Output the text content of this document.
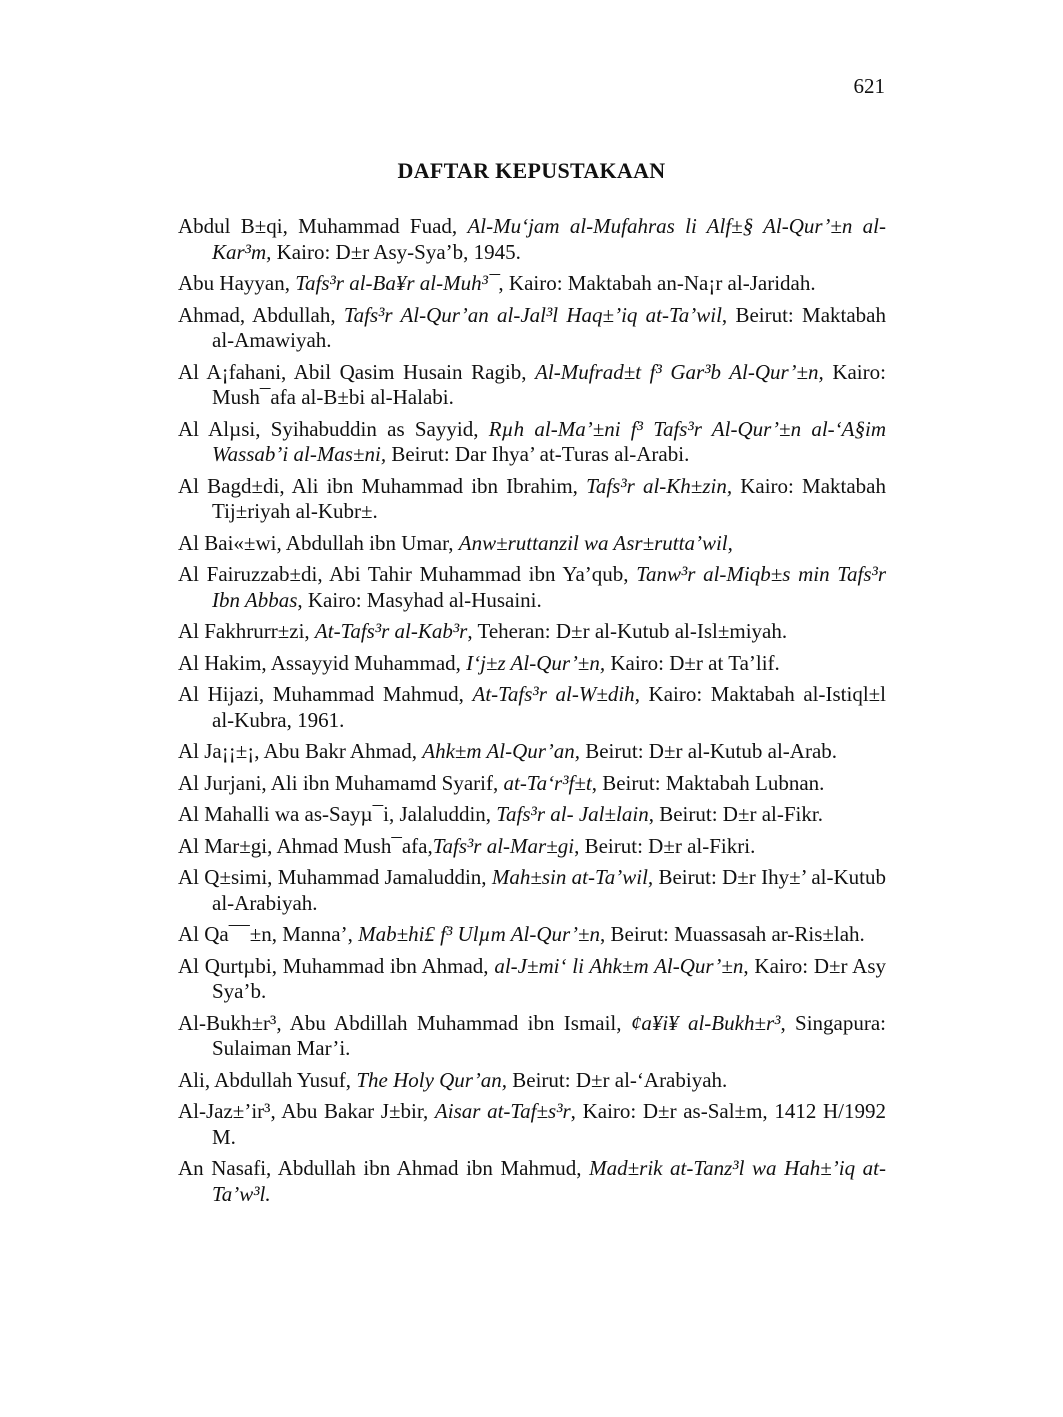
621
DAFTAR KEPUSTAKAAN

Abdul B±qi, Muhammad Fuad, Al-Mu‘jam al-Mufahras li Alf±§ Al-Qur’±n al-Kar³m, Kairo: D±r Asy-Sya’b, 1945.

Abu Hayyan, Tafs³r al-Ba¥r al-Muh³¯, Kairo: Maktabah an-Na¡r al-Jaridah.

Ahmad, Abdullah, Tafs³r Al-Qur’an al-Jal³l Haq±’iq at-Ta’wil, Beirut: Maktabah al-Amawiyah.

Al A¡fahani, Abil Qasim Husain Ragib, Al-Mufrad±t f³ Gar³b Al-Qur’±n, Kairo: Mush¯afa al-B±bi al-Halabi.

Al Alµsi, Syihabuddin as Sayyid, Rµh al-Ma’±ni f³ Tafs³r Al-Qur’±n al-‘A§im Wassab’i al-Mas±ni, Beirut: Dar Ihya’ at-Turas al-Arabi.

Al Bagd±di, Ali ibn Muhammad ibn Ibrahim, Tafs³r al-Kh±zin, Kairo: Maktabah Tij±riyah al-Kubr±.

Al Bai«±wi, Abdullah ibn Umar, Anw±ruttanzil wa Asr±rutta’wil,

Al Fairuzzab±di, Abi Tahir Muhammad ibn Ya’qub, Tanw³r al-Miqb±s min Tafs³r Ibn Abbas, Kairo: Masyhad al-Husaini.

Al Fakhrurr±zi, At-Tafs³r al-Kab³r, Teheran: D±r al-Kutub al-Isl±miyah.

Al Hakim, Assayyid Muhammad, I‘j±z Al-Qur’±n, Kairo: D±r at Ta’lif.

Al Hijazi, Muhammad Mahmud, At-Tafs³r al-W±dih, Kairo: Maktabah al-Istiql±l al-Kubra, 1961.

Al Ja¡¡±¡, Abu Bakr Ahmad, Ahk±m Al-Qur’an, Beirut: D±r al-Kutub al-Arab.

Al Jurjani, Ali ibn Muhamamd Syarif, at-Ta‘r³f±t, Beirut: Maktabah Lubnan.

Al Mahalli wa as-Sayµ¯i, Jalaluddin, Tafs³r al- Jal±lain, Beirut: D±r al-Fikr.

Al Mar±gi, Ahmad Mush¯afa,Tafs³r al-Mar±gi, Beirut: D±r al-Fikri.

Al Q±simi, Muhammad Jamaluddin, Mah±sin at-Ta’wil, Beirut: D±r Ihy±’ al-Kutub al-Arabiyah.

Al Qa¯¯±n, Manna’, Mab±hi£ f³ Ulµm Al-Qur’±n, Beirut: Muassasah ar-Ris±lah.

Al Qurtµbi, Muhammad ibn Ahmad, al-J±mi‘ li Ahk±m Al-Qur’±n, Kairo: D±r Asy Sya’b.

Al-Bukh±r³, Abu Abdillah Muhammad ibn Ismail, ¢a¥i¥ al-Bukh±r³, Singapura: Sulaiman Mar’i.

Ali, Abdullah Yusuf, The Holy Qur’an, Beirut: D±r al-‘Arabiyah.

Al-Jaz±’ir³, Abu Bakar J±bir, Aisar at-Taf±s³r, Kairo: D±r as-Sal±m, 1412 H/1992 M.

An Nasafi, Abdullah ibn Ahmad ibn Mahmud, Mad±rik at-Tanz³l wa Hah±’iq at-Ta’w³l.
